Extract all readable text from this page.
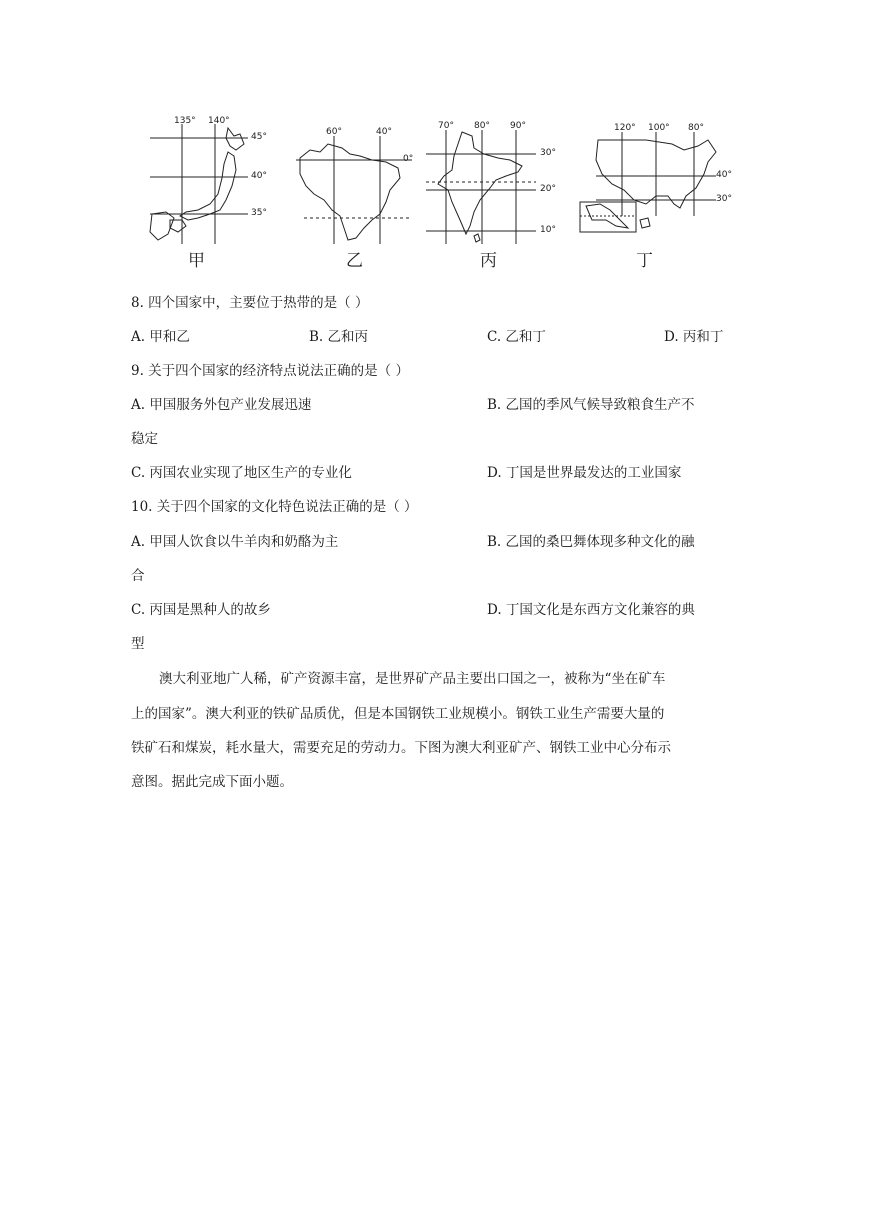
135° 140°
45°
40°
35°
甲
60°	40°
0°
乙
70° 80° 90°
30°
20°
10°
丙
120° 100° 80°
40°
30°
丁
8. 四个国家中，主要位于热带的是（ ）
A. 甲和乙	B. 乙和丙	C. 乙和丁	D. 丙和丁
9. 关于四个国家的经济特点说法正确的是（ ）
A. 甲国服务外包产业发展迅速	B. 乙国的季风气候导致粮食生产不
稳定
C. 丙国农业实现了地区生产的专业化	D. 丁国是世界最发达的工业国家
10. 关于四个国家的文化特色说法正确的是（ ）
A. 甲国人饮食以牛羊肉和奶酪为主	B. 乙国的桑巴舞体现多种文化的融
合
C. 丙国是黑种人的故乡	D. 丁国文化是东西方文化兼容的典
型
澳大利亚地广人稀，矿产资源丰富，是世界矿产品主要出口国之一，被称为“坐在矿车
上的国家”。澳大利亚的铁矿品质优，但是本国钢铁工业规模小。钢铁工业生产需要大量的
铁矿石和煤炭，耗水量大，需要充足的劳动力。下图为澳大利亚矿产、钢铁工业中心分布示
意图。据此完成下面小题。
